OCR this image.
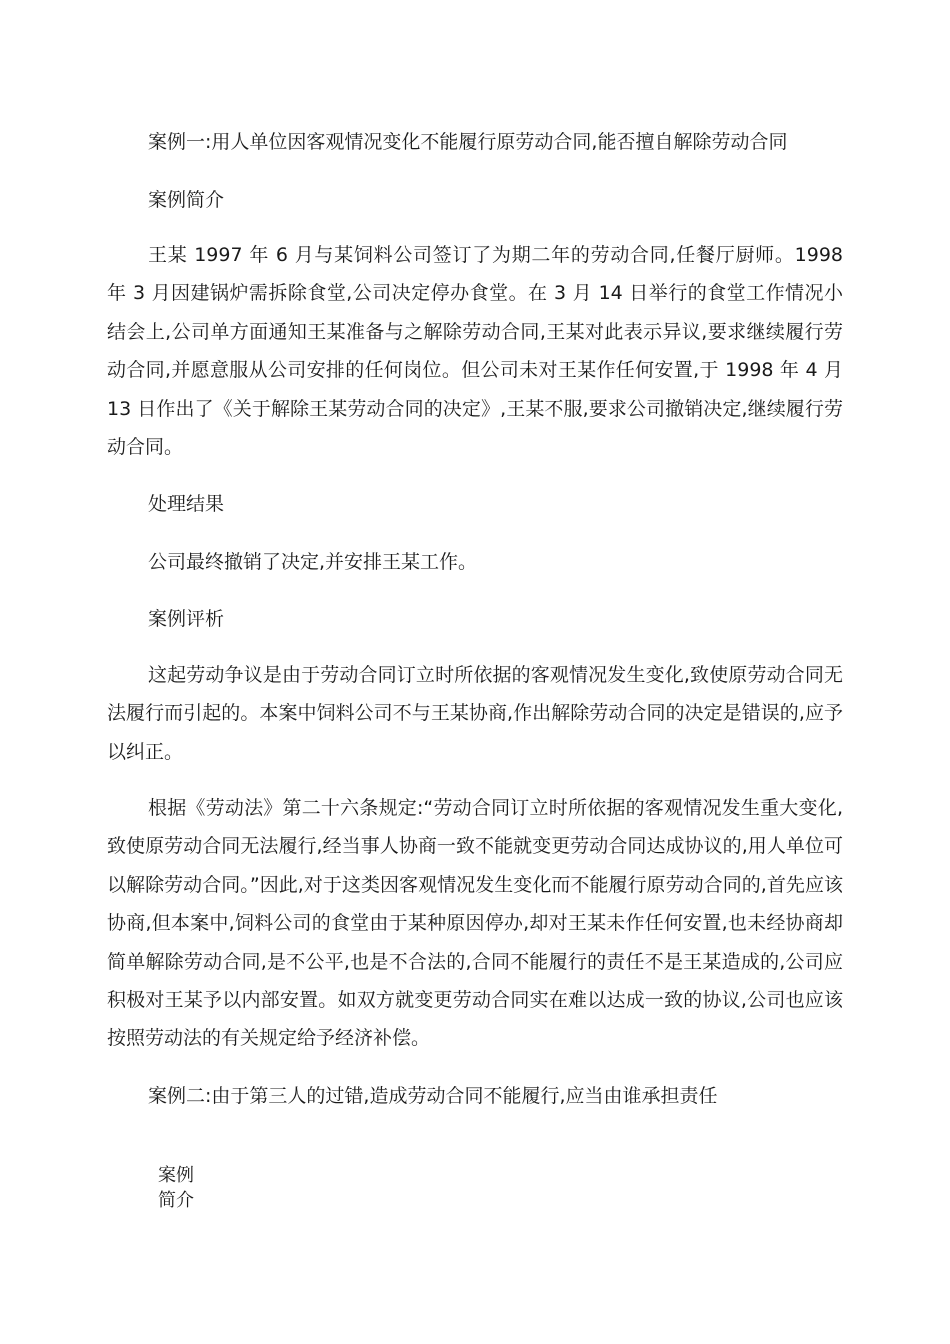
案例一:用人单位因客观情况变化不能履行原劳动合同,能否擅自解除劳动合同
案例简介
王某 1997 年 6 月与某饲料公司签订了为期二年的劳动合同,任餐厅厨师。1998 年 3 月因建锅炉需拆除食堂,公司决定停办食堂。在 3 月 14 日举行的食堂工作情况小结会上,公司单方面通知王某准备与之解除劳动合同,王某对此表示异议,要求继续履行劳动合同,并愿意服从公司安排的任何岗位。但公司未对王某作任何安置,于 1998 年 4 月 13 日作出了《关于解除王某劳动合同的决定》,王某不服,要求公司撤销决定,继续履行劳动合同。
处理结果
公司最终撤销了决定,并安排王某工作。
案例评析
这起劳动争议是由于劳动合同订立时所依据的客观情况发生变化,致使原劳动合同无法履行而引起的。本案中饲料公司不与王某协商,作出解除劳动合同的决定是错误的,应予以纠正。
根据《劳动法》第二十六条规定:“劳动合同订立时所依据的客观情况发生重大变化,致使原劳动合同无法履行,经当事人协商一致不能就变更劳动合同达成协议的,用人单位可以解除劳动合同。”因此,对于这类因客观情况发生变化而不能履行原劳动合同的,首先应该协商,但本案中,饲料公司的食堂由于某种原因停办,却对王某未作任何安置,也未经协商却简单解除劳动合同,是不公平,也是不合法的,合同不能履行的责任不是王某造成的,公司应积极对王某予以内部安置。如双方就变更劳动合同实在难以达成一致的协议,公司也应该按照劳动法的有关规定给予经济补偿。
案例二:由于第三人的过错,造成劳动合同不能履行,应当由谁承担责任
案例简介
